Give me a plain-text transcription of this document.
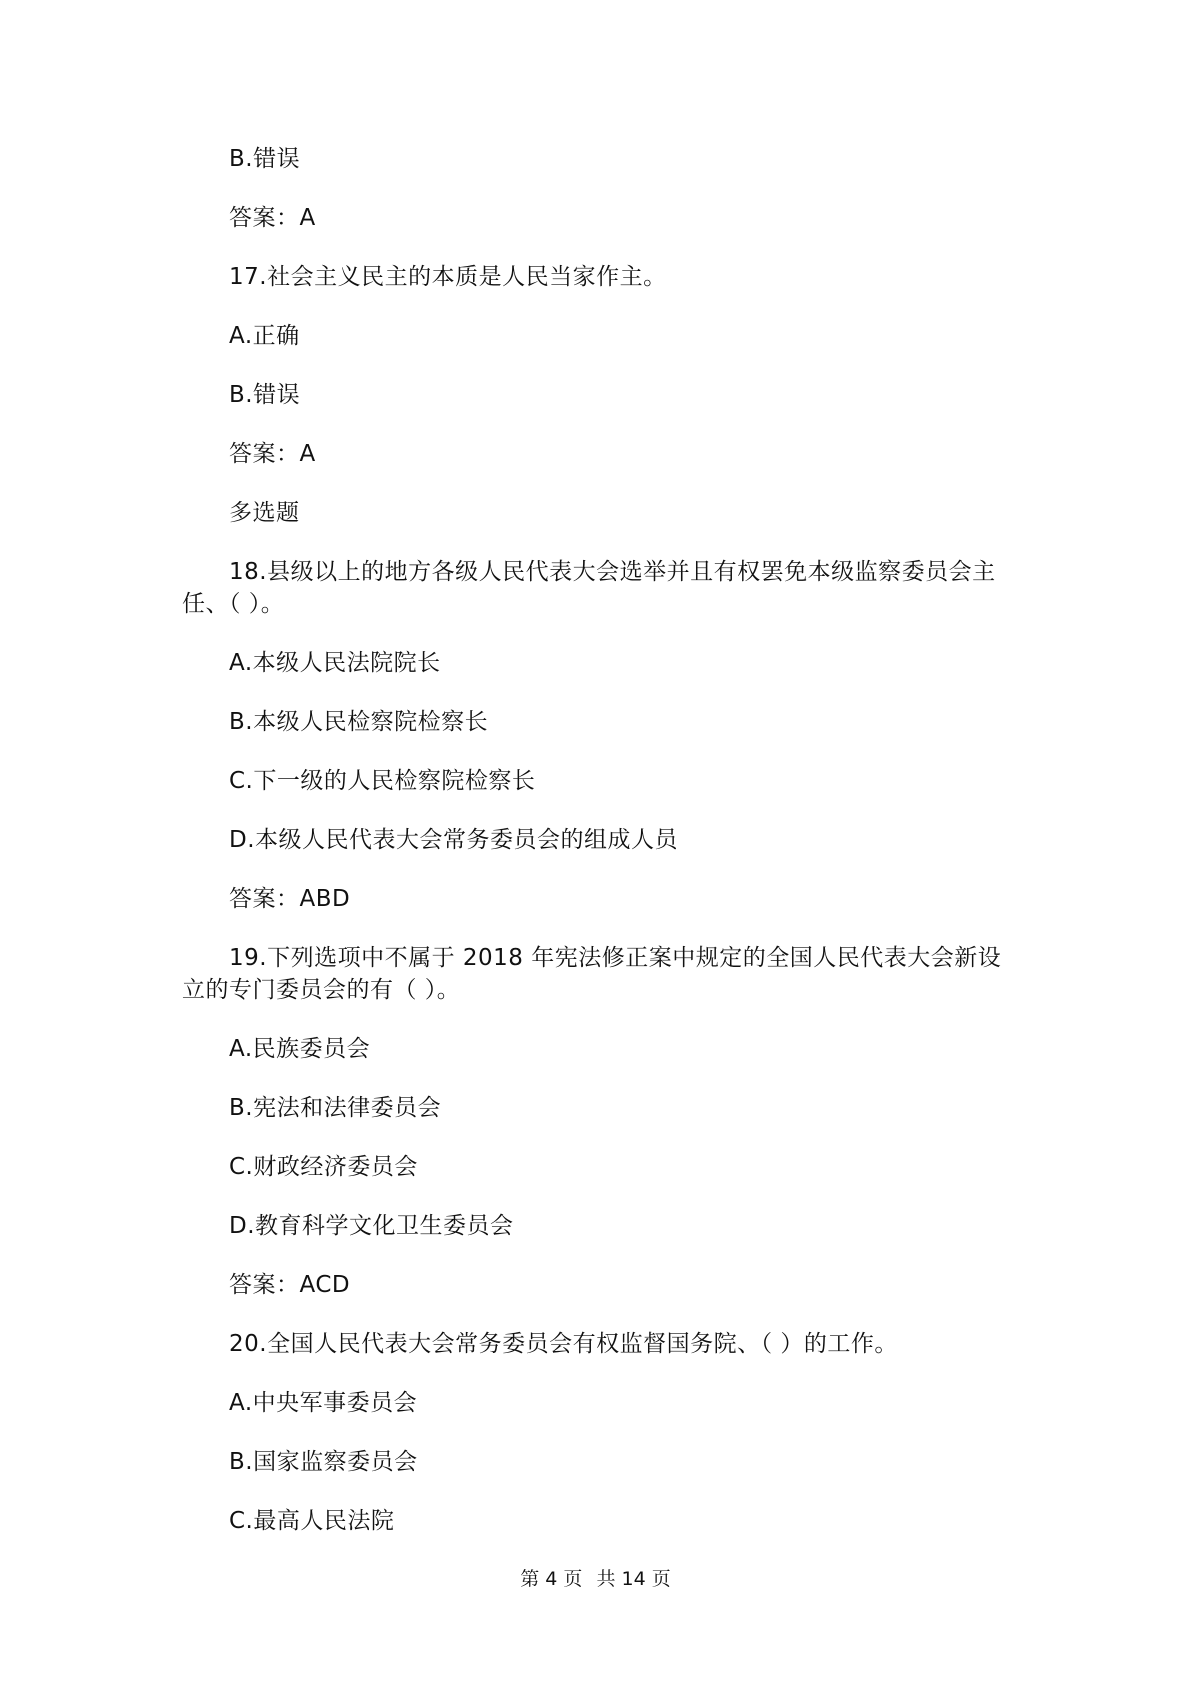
B.错误
答案：A
17.社会主义民主的本质是人民当家作主。
A.正确
B.错误
答案：A
多选题
18.县级以上的地方各级人民代表大会选举并且有权罢免本级监察委员会主
任、（ ）。
A.本级人民法院院长
B.本级人民检察院检察长
C.下一级的人民检察院检察长
D.本级人民代表大会常务委员会的组成人员
答案：ABD
19.下列选项中不属于 2018 年宪法修正案中规定的全国人民代表大会新设
立的专门委员会的有（ ）。
A.民族委员会
B.宪法和法律委员会
C.财政经济委员会
D.教育科学文化卫生委员会
答案：ACD
20.全国人民代表大会常务委员会有权监督国务院、（ ）的工作。
A.中央军事委员会
B.国家监察委员会
C.最高人民法院
第 4 页 共 14 页
